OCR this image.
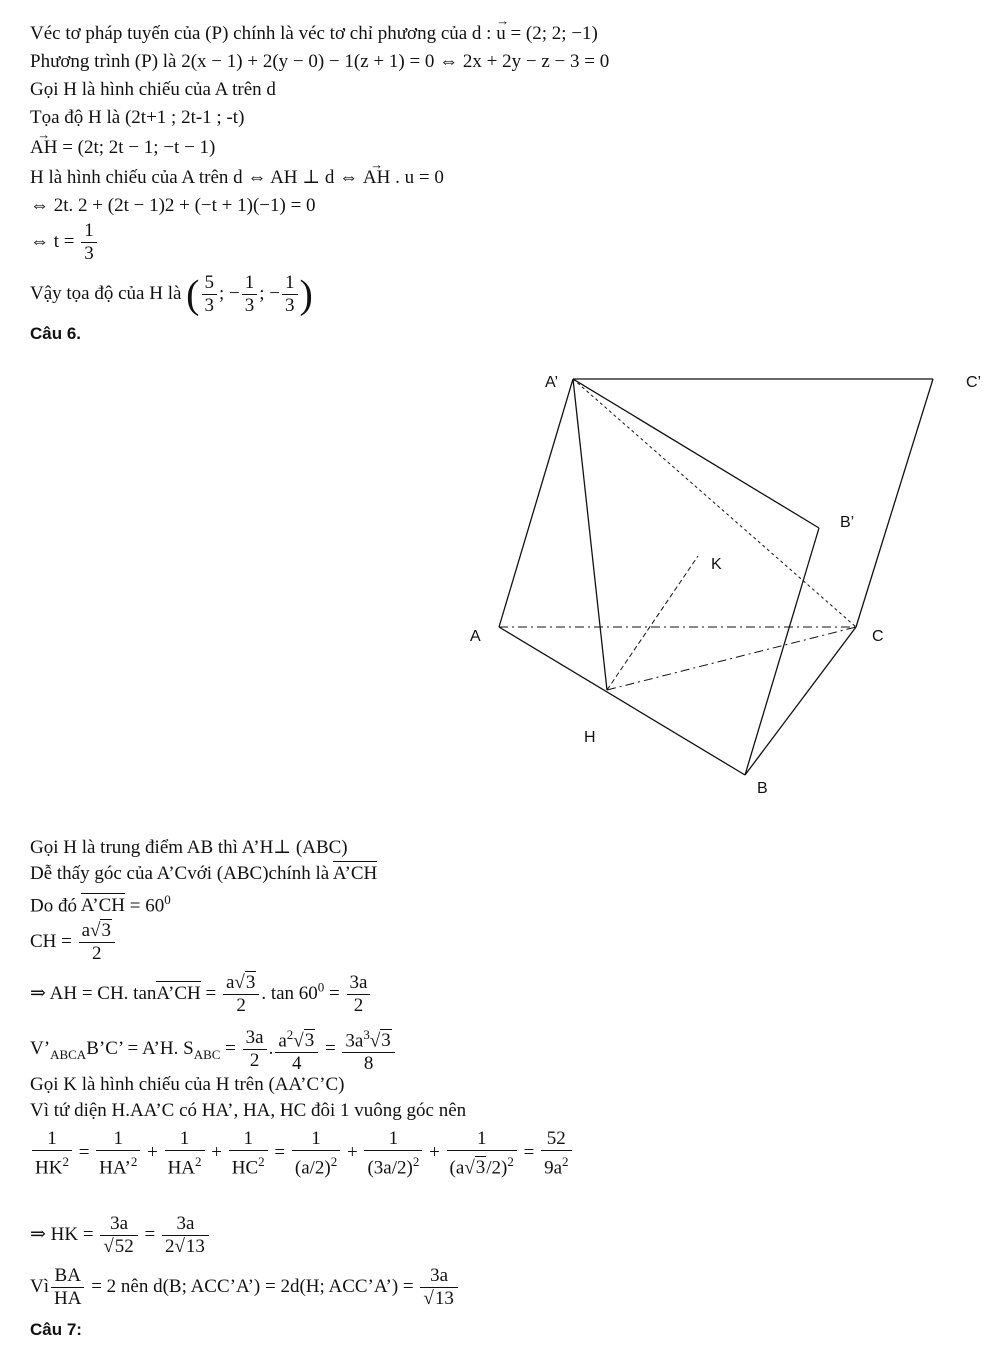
Véc tơ pháp tuyến của (P) chính là véc tơ chỉ phương của d : → u = (2; 2; −1)
Phương trình (P) là 2(x − 1) + 2(y − 0) − 1(z + 1) = 0 ⇔ 2x + 2y − z − 3 = 0
Gọi H là hình chiếu của A trên d
Tọa độ H là (2t+1 ; 2t-1 ; -t)
→ AH = (2t; 2t − 1; −t − 1)
H là hình chiếu của A trên d ⇔ AH ⊥ d ⇔ → AH . u = 0
⇔ 2t. 2 + (2t − 1)2 + (−t + 1)(−1) = 0
⇔ $t = \frac{1}{3}$
Vậy tọa độ của H là ( $\frac{5}{3}$ ; − $\frac{1}{3}$ ; − $\frac{1}{3}$ )
Câu 6.
A’	C’
B’
K
A	C
H
B
Gọi H là trung điểm AB thì A’H⊥ (ABC)
Dễ thấy góc của A’Cvới (ABC)chính là A’CH
Do đó A’CH = $60^0$
CH = $\frac{a√3}{2}$
⇒ AH = CH. tanA’CH = $\frac{a√3}{2}$ . $\tan 60^0 = \frac{3a}{2}$
$V’_{ABCA}B’C$’ = A’H. $S_{ABC} = \frac{3a}{2}$ . $\frac{a^2√3}{4} = \frac{3a^3√3}{8}$
Gọi K là hình chiếu của H trên (AA’C’C)
Vì tứ diện H.AA’C có HA’, HA, HC đôi 1 vuông góc nên
$\frac{1}{HK^2} = \frac{1}{HA’^2} + \frac{1}{HA^2} + \frac{1}{HC^2} = \frac{1}{(a/2)^2} + \frac{1}{(3a/2)^2} + \frac{1}{(a√3/2)^2} = \frac{52}{9a^2}$
⇒ HK = $\frac{3a}{√52} = \frac{3a}{2√13}$
Vì $\frac{BA}{HA} = 2$ nên d(B; ACC’A’) = 2d(H; ACC’A’) = $\frac{3a}{√13}$
Câu 7:
